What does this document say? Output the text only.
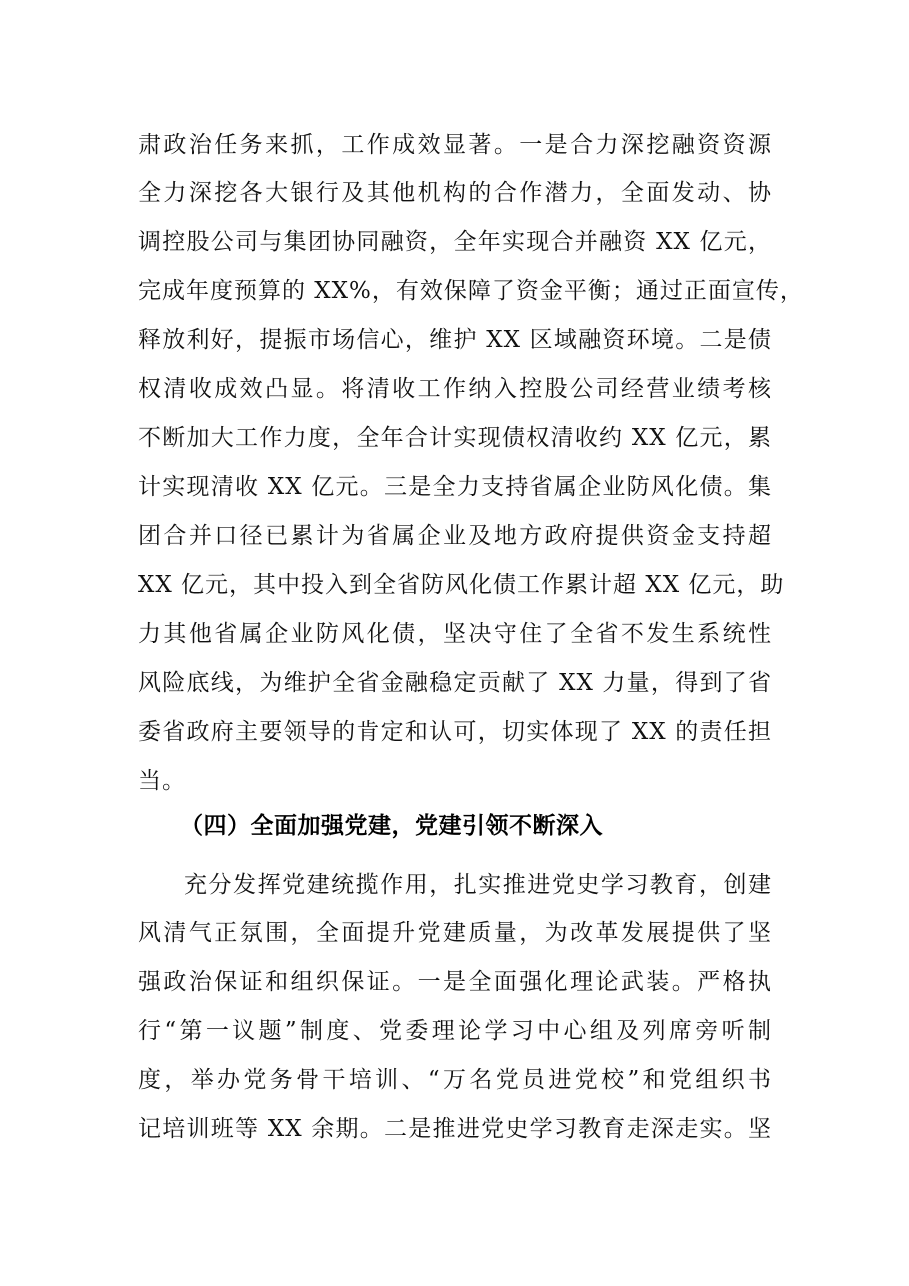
肃政治任务来抓，工作成效显著。一是合力深挖融资资源
全力深挖各大银行及其他机构的合作潜力，全面发动、协
调控股公司与集团协同融资，全年实现合并融资 XX 亿元，
完成年度预算的 XX%，有效保障了资金平衡；通过正面宣传，
释放利好，提振市场信心，维护 XX 区域融资环境。二是债
权清收成效凸显。将清收工作纳入控股公司经营业绩考核
不断加大工作力度，全年合计实现债权清收约 XX 亿元，累
计实现清收 XX 亿元。三是全力支持省属企业防风化债。集
团合并口径已累计为省属企业及地方政府提供资金支持超
XX 亿元，其中投入到全省防风化债工作累计超 XX 亿元，助
力其他省属企业防风化债，坚决守住了全省不发生系统性
风险底线，为维护全省金融稳定贡献了 XX 力量，得到了省
委省政府主要领导的肯定和认可，切实体现了 XX 的责任担
当。
（四）全面加强党建，党建引领不断深入
充分发挥党建统揽作用，扎实推进党史学习教育，创建
风清气正氛围，全面提升党建质量，为改革发展提供了坚
强政治保证和组织保证。一是全面强化理论武装。严格执
行“第一议题”制度、党委理论学习中心组及列席旁听制
度，举办党务骨干培训、“万名党员进党校”和党组织书
记培训班等 XX 余期。二是推进党史学习教育走深走实。坚
